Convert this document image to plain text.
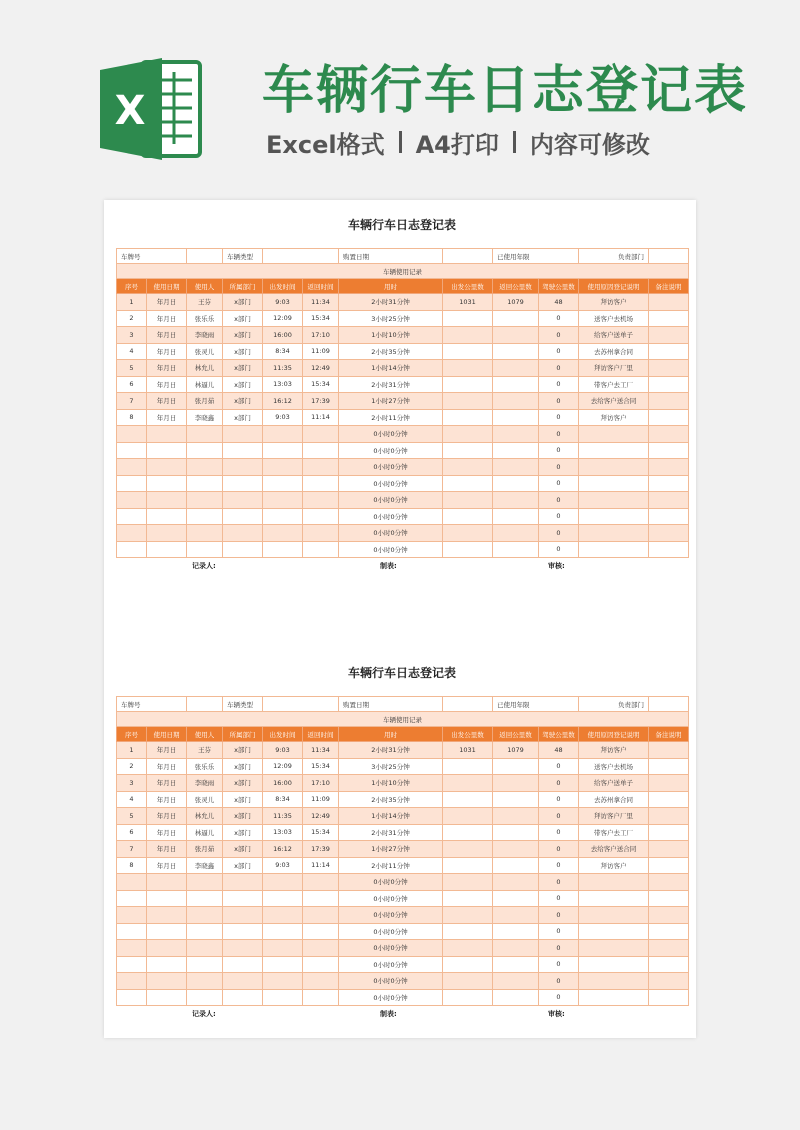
X 车辆行车日志登记表
Excel格式 A4打印 内容可修改
车辆行车日志登记表
车牌号			车辆类型			购置日期		已使用年限		负责部门	
车辆使用记录											
序号	使用日期	使用人	所属部门	出发时间	返回时间	用时	出发公里数	返回公里数	驾驶公里数	使用原因登记说明	备注说明
1	年月日	王芬	x部门	9:03	11:34	2小时31分钟	1031	1079	48	拜访客户	
2	年月日	张乐乐	x部门	12:09	15:34	3小时25分钟			0	送客户去机场	
3	年月日	李晓雨	x部门	16:00	17:10	1小时10分钟			0	给客户送单子	
4	年月日	张灵儿	x部门	8:34	11:09	2小时35分钟			0	去苏州拿合同	
5	年月日	林允儿	x部门	11:35	12:49	1小时14分钟			0	拜访客户厂里	
6	年月日	林逼儿	x部门	13:03	15:34	2小时31分钟			0	带客户去工厂	
7	年月日	张月茹	x部门	16:12	17:39	1小时27分钟			0	去给客户送合同	
8	年月日	李晓鑫	x部门	9:03	11:14	2小时11分钟			0	拜访客户	
						0小时0分钟			0		
						0小时0分钟			0		
						0小时0分钟			0		
						0小时0分钟			0		
						0小时0分钟			0		
						0小时0分钟			0		
						0小时0分钟			0		
						0小时0分钟			0		
记录人:	制表:	审核:
车辆行车日志登记表
车牌号			车辆类型			购置日期		已使用年限		负责部门	
车辆使用记录											
序号	使用日期	使用人	所属部门	出发时间	返回时间	用时	出发公里数	返回公里数	驾驶公里数	使用原因登记说明	备注说明
1	年月日	王芬	x部门	9:03	11:34	2小时31分钟	1031	1079	48	拜访客户	
2	年月日	张乐乐	x部门	12:09	15:34	3小时25分钟			0	送客户去机场	
3	年月日	李晓雨	x部门	16:00	17:10	1小时10分钟			0	给客户送单子	
4	年月日	张灵儿	x部门	8:34	11:09	2小时35分钟			0	去苏州拿合同	
5	年月日	林允儿	x部门	11:35	12:49	1小时14分钟			0	拜访客户厂里	
6	年月日	林逼儿	x部门	13:03	15:34	2小时31分钟			0	带客户去工厂	
7	年月日	张月茹	x部门	16:12	17:39	1小时27分钟			0	去给客户送合同	
8	年月日	李晓鑫	x部门	9:03	11:14	2小时11分钟			0	拜访客户	
						0小时0分钟			0		
						0小时0分钟			0		
						0小时0分钟			0		
						0小时0分钟			0		
						0小时0分钟			0		
						0小时0分钟			0		
						0小时0分钟			0		
						0小时0分钟			0		
记录人:	制表:	审核:
